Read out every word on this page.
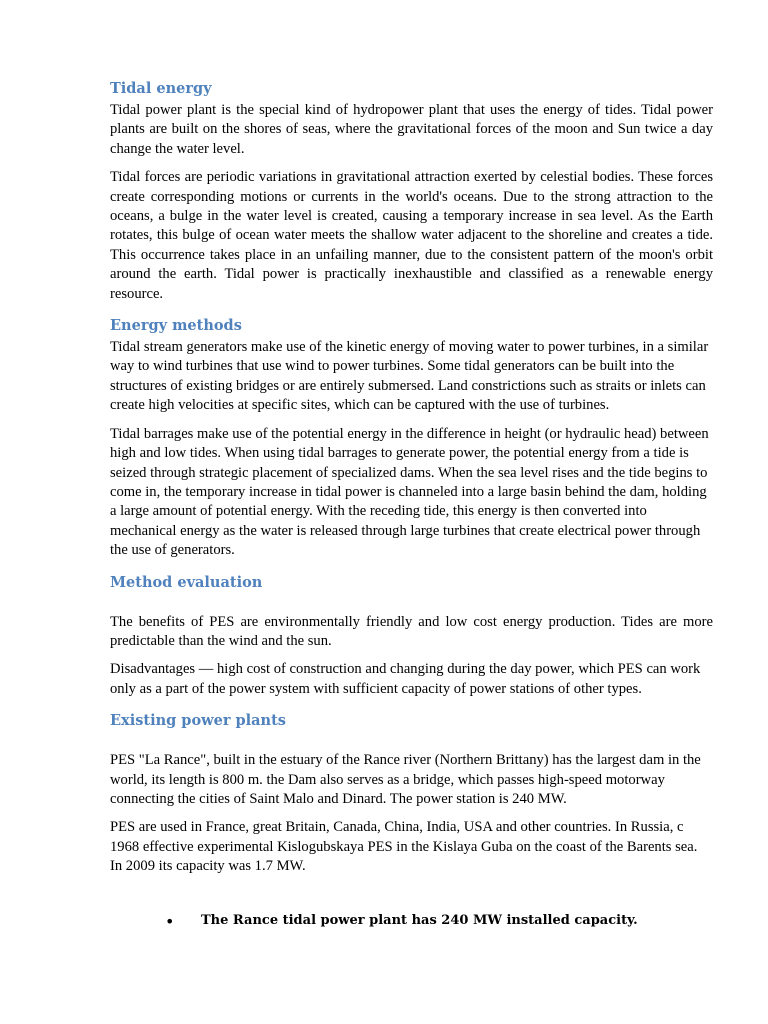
Tidal energy

Tidal power plant is the special kind of hydropower plant that uses the energy of tides. Tidal power plants are built on the shores of seas, where the gravitational forces of the moon and Sun twice a day change the water level.

Tidal forces are periodic variations in gravitational attraction exerted by celestial bodies. These forces create corresponding motions or currents in the world's oceans. Due to the strong attraction to the oceans, a bulge in the water level is created, causing a temporary increase in sea level. As the Earth rotates, this bulge of ocean water meets the shallow water adjacent to the shoreline and creates a tide. This occurrence takes place in an unfailing manner, due to the consistent pattern of the moon's orbit around the earth. Tidal power is practically inexhaustible and classified as a renewable energy resource.

Energy methods

Tidal stream generators make use of the kinetic energy of moving water to power turbines, in a similar way to wind turbines that use wind to power turbines. Some tidal generators can be built into the structures of existing bridges or are entirely submersed. Land constrictions such as straits or inlets can create high velocities at specific sites, which can be captured with the use of turbines.

Tidal barrages make use of the potential energy in the difference in height (or hydraulic head) between high and low tides. When using tidal barrages to generate power, the potential energy from a tide is seized through strategic placement of specialized dams. When the sea level rises and the tide begins to come in, the temporary increase in tidal power is channeled into a large basin behind the dam, holding a large amount of potential energy. With the receding tide, this energy is then converted into mechanical energy as the water is released through large turbines that create electrical power through the use of generators.

Method evaluation

The benefits of PES are environmentally friendly and low cost energy production. Tides are more predictable than the wind and the sun.

Disadvantages — high cost of construction and changing during the day power, which PES can work only as a part of the power system with sufficient capacity of power stations of other types.

Existing power plants

PES "La Rance", built in the estuary of the Rance river (Northern Brittany) has the largest dam in the world, its length is 800 m. the Dam also serves as a bridge, which passes high-speed motorway connecting the cities of Saint Malo and Dinard. The power station is 240 MW.

PES are used in France, great Britain, Canada, China, India, USA and other countries. In Russia, c 1968 effective experimental Kislogubskaya PES in the Kislaya Guba on the coast of the Barents sea. In 2009 its capacity was 1.7 MW.

•	The Rance tidal power plant has 240 MW installed capacity.
